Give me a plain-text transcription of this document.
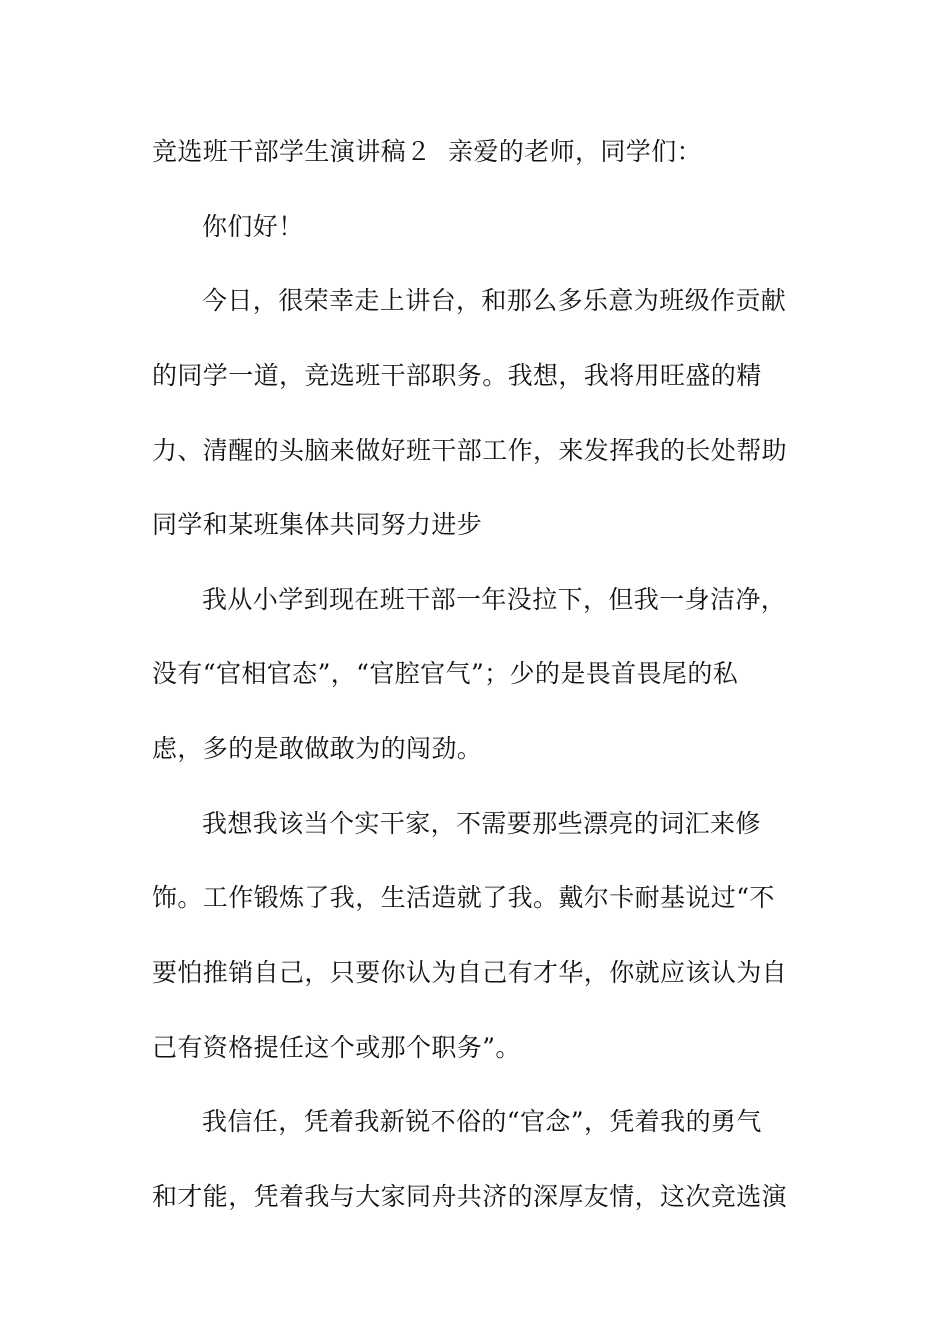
竞选班干部学生演讲稿２ 亲爱的老师，同学们：
你们好！
今日，很荣幸走上讲台，和那么多乐意为班级作贡献
的同学一道，竞选班干部职务。我想，我将用旺盛的精
力、清醒的头脑来做好班干部工作，来发挥我的长处帮助
同学和某班集体共同努力进步
我从小学到现在班干部一年没拉下，但我一身洁净，
没有“官相官态”，“官腔官气”；少的是畏首畏尾的私
虑，多的是敢做敢为的闯劲。
我想我该当个实干家，不需要那些漂亮的词汇来修
饰。工作锻炼了我，生活造就了我。戴尔卡耐基说过“不
要怕推销自己，只要你认为自己有才华，你就应该认为自
己有资格提任这个或那个职务”。
我信任，凭着我新锐不俗的“官念”，凭着我的勇气
和才能，凭着我与大家同舟共济的深厚友情，这次竞选演
